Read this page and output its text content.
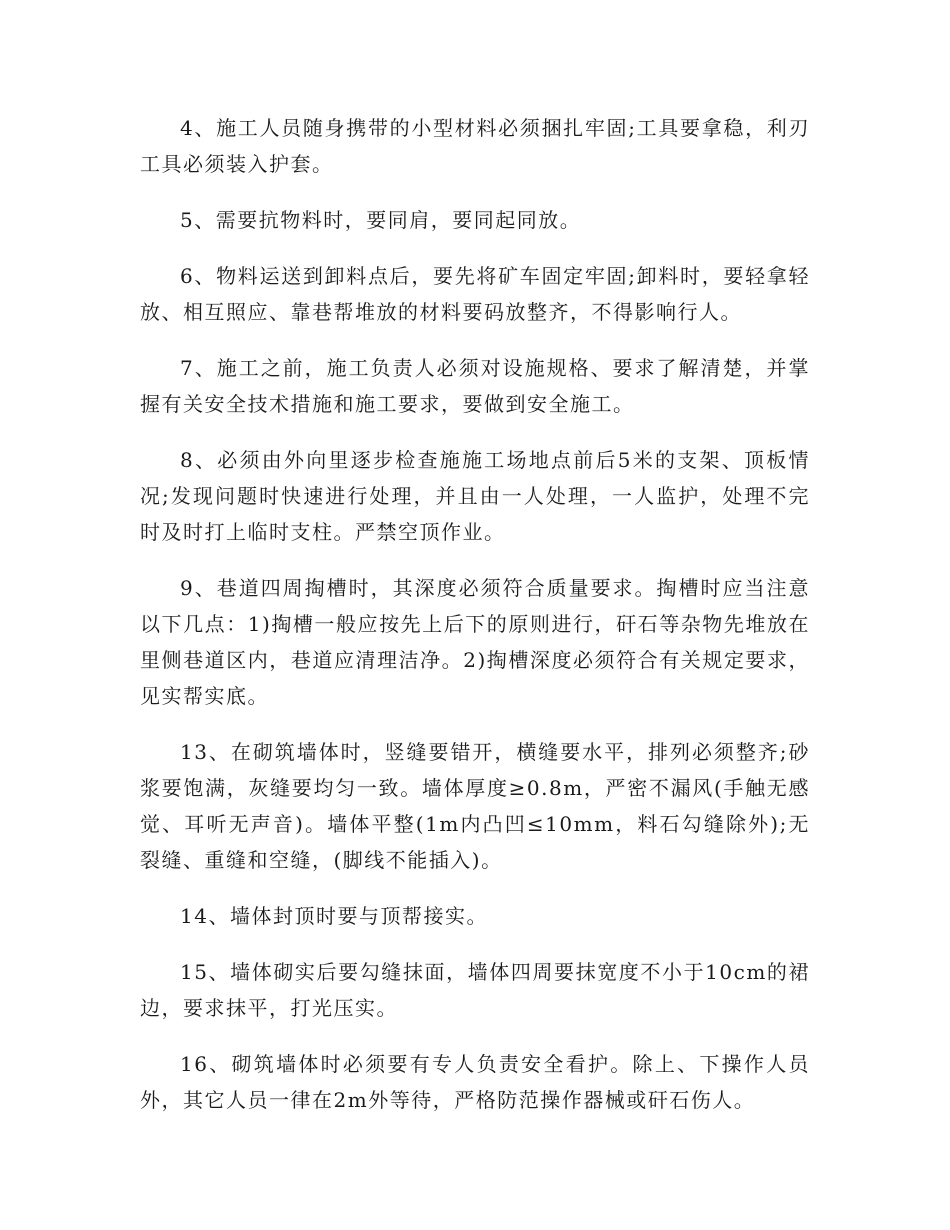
4、施工人员随身携带的小型材料必须捆扎牢固;工具要拿稳，利刃工具必须装入护套。

5、需要抗物料时，要同肩，要同起同放。

6、物料运送到卸料点后，要先将矿车固定牢固;卸料时，要轻拿轻放、相互照应、靠巷帮堆放的材料要码放整齐，不得影响行人。

7、施工之前，施工负责人必须对设施规格、要求了解清楚，并掌握有关安全技术措施和施工要求，要做到安全施工。

8、必须由外向里逐步检查施施工场地点前后5米的支架、顶板情况;发现问题时快速进行处理，并且由一人处理，一人监护，处理不完时及时打上临时支柱。严禁空顶作业。

9、巷道四周掏槽时，其深度必须符合质量要求。掏槽时应当注意以下几点：1)掏槽一般应按先上后下的原则进行，矸石等杂物先堆放在里侧巷道区内，巷道应清理洁净。2)掏槽深度必须符合有关规定要求，见实帮实底。

13、在砌筑墙体时，竖缝要错开，横缝要水平，排列必须整齐;砂浆要饱满，灰缝要均匀一致。墙体厚度≥0.8m，严密不漏风(手触无感觉、耳听无声音)。墙体平整(1m内凸凹≤10mm，料石勾缝除外);无裂缝、重缝和空缝，(脚线不能插入)。

14、墙体封顶时要与顶帮接实。

15、墙体砌实后要勾缝抹面，墙体四周要抹宽度不小于10cm的裙边，要求抹平，打光压实。

16、砌筑墙体时必须要有专人负责安全看护。除上、下操作人员外，其它人员一律在2m外等待，严格防范操作器械或矸石伤人。
